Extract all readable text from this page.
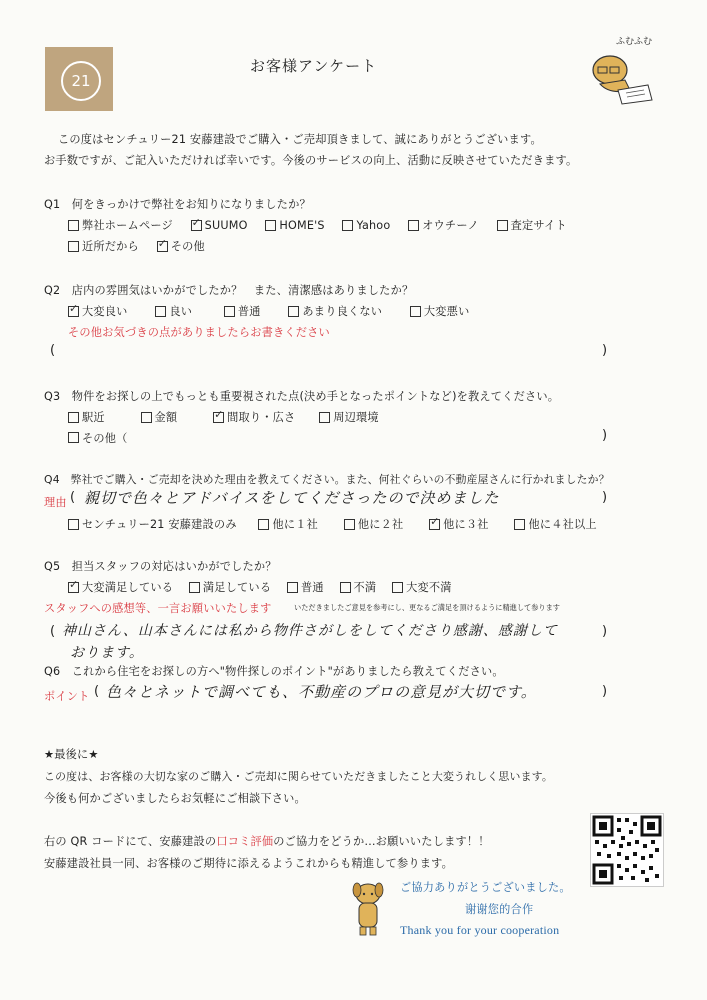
21
お客様アンケート
ふむふむ
この度はセンチュリー21 安藤建設でご購入・ご売却頂きまして、誠にありがとうございます。
お手数ですが、ご記入いただければ幸いです。今後のサービスの向上、活動に反映させていただきます。
Q1　何をきっかけで弊社をお知りになりましたか？
弊社ホームページ
✓	SUUMO
	HOME'S
	Yahoo
	オウチーノ
	査定サイト
近所だから
✓	その他
Q2　店内の雰囲気はいかがでしたか？　また、清潔感はありましたか？
✓
大変良い
	良い
	普通
	あまり良くない
	大変悪い
その他お気づきの点がありましたらお書きください
(	)
Q3　物件をお探しの上でもっとも重要視された点(決め手となったポイントなど)を教えてください。
駅近
	金額
✓	間取り・広さ
	周辺環境
その他（	)
Q4　弊社でご購入・ご売却を決めた理由を教えてください。また、何社ぐらいの不動産屋さんに行かれましたか？
理由 ( 親切で色々とアドバイスをしてくださったので決めました	)
センチュリー21 安藤建設のみ
	他に１社
	他に２社
✓	他に３社
	他に４社以上
Q5　担当スタッフの対応はいかがでしたか？
✓
大変満足している
	満足している
	普通
	不満
	大変不満
スタッフへの感想等、一言お願いいたします	いただきましたご意見を参考にし、更なるご満足を頂けるように精進して参ります
( 神山さん、山本さんには私から物件さがしをしてくださり感謝、感謝して	)
おります。
Q6　これから住宅をお探しの方へ"物件探しのポイント"がありましたら教えてください。
ポイント ( 色々とネットで調べても、不動産のプロの意見が大切です。	)
★最後に★
この度は、お客様の大切な家のご購入・ご売却に関らせていただきましたこと大変うれしく思います。
今後も何かございましたらお気軽にご相談下さい。
右の QR コードにて、安藤建設の口コミ評価のご協力をどうか…お願いいたします！！
安藤建設社員一同、お客様のご期待に添えるようこれからも精進して参ります。
ご協力ありがとうございました。
谢谢您的合作
Thank you for your cooperation
